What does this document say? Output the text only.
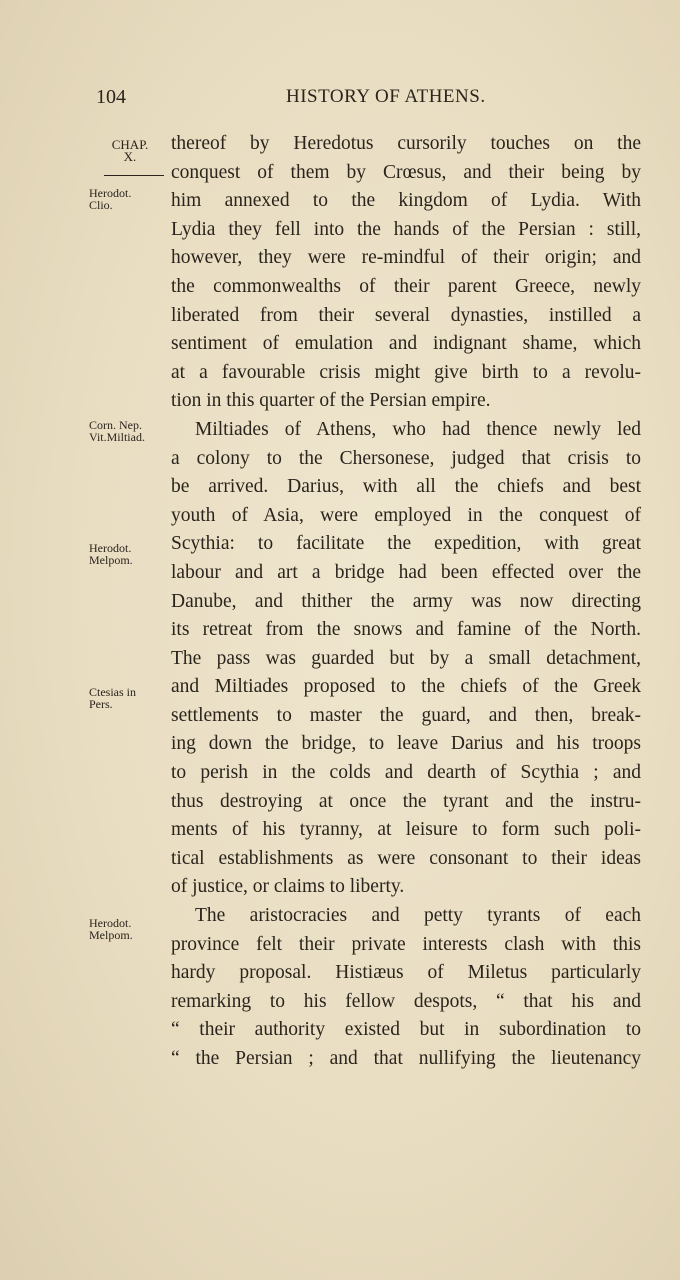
104	HISTORY OF ATHENS.
CHAP.
X.
Herodot.
Clio.
Corn. Nep.
Vit.Miltiad.
Herodot.
Melpom.
Ctesias in
Pers.
Herodot.
Melpom.
thereof by Heredotus cursorily touches on the
conquest of them by Crœsus, and their being by
him annexed to the kingdom of Lydia. With
Lydia they fell into the hands of the Persian : still,
however, they were re-mindful of their origin; and
the commonwealths of their parent Greece, newly
liberated from their several dynasties, instilled a
sentiment of emulation and indignant shame, which
at a favourable crisis might give birth to a revolu-
tion in this quarter of the Persian empire.
Miltiades of Athens, who had thence newly led
a colony to the Chersonese, judged that crisis to
be arrived. Darius, with all the chiefs and best
youth of Asia, were employed in the conquest of
Scythia: to facilitate the expedition, with great
labour and art a bridge had been effected over the
Danube, and thither the army was now directing
its retreat from the snows and famine of the North.
The pass was guarded but by a small detachment,
and Miltiades proposed to the chiefs of the Greek
settlements to master the guard, and then, break-
ing down the bridge, to leave Darius and his troops
to perish in the colds and dearth of Scythia ; and
thus destroying at once the tyrant and the instru-
ments of his tyranny, at leisure to form such poli-
tical establishments as were consonant to their ideas
of justice, or claims to liberty.
The aristocracies and petty tyrants of each
province felt their private interests clash with this
hardy proposal. Histiæus of Miletus particularly
remarking to his fellow despots, “ that his and
“ their authority existed but in subordination to
“ the Persian ; and that nullifying the lieutenancy
